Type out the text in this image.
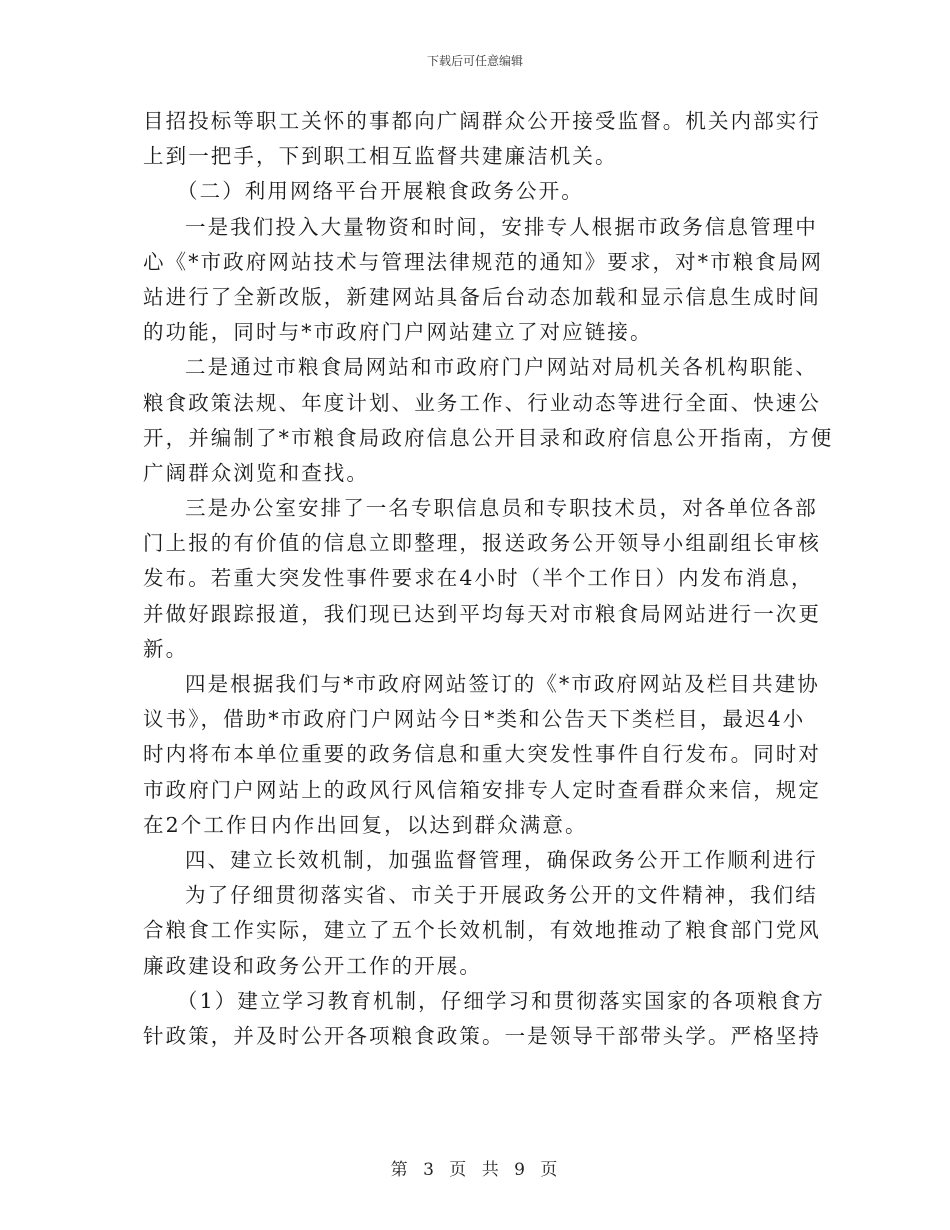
下载后可任意编辑
目招投标等职工关怀的事都向广阔群众公开接受监督。机关内部实行
上到一把手，下到职工相互监督共建廉洁机关。
（二）利用网络平台开展粮食政务公开。
一是我们投入大量物资和时间，安排专人根据市政务信息管理中
心《*市政府网站技术与管理法律规范的通知》要求，对*市粮食局网
站进行了全新改版，新建网站具备后台动态加载和显示信息生成时间
的功能，同时与*市政府门户网站建立了对应链接。
二是通过市粮食局网站和市政府门户网站对局机关各机构职能、
粮食政策法规、年度计划、业务工作、行业动态等进行全面、快速公
开，并编制了*市粮食局政府信息公开目录和政府信息公开指南，方便
广阔群众浏览和查找。
三是办公室安排了一名专职信息员和专职技术员，对各单位各部
门上报的有价值的信息立即整理，报送政务公开领导小组副组长审核
发布。若重大突发性事件要求在4小时（半个工作日）内发布消息，
并做好跟踪报道，我们现已达到平均每天对市粮食局网站进行一次更
新。
四是根据我们与*市政府网站签订的《*市政府网站及栏目共建协
议书》，借助*市政府门户网站今日*类和公告天下类栏目，最迟4小
时内将布本单位重要的政务信息和重大突发性事件自行发布。同时对
市政府门户网站上的政风行风信箱安排专人定时查看群众来信，规定
在2个工作日内作出回复，以达到群众满意。
四、建立长效机制，加强监督管理，确保政务公开工作顺利进行
为了仔细贯彻落实省、市关于开展政务公开的文件精神，我们结
合粮食工作实际，建立了五个长效机制，有效地推动了粮食部门党风
廉政建设和政务公开工作的开展。
（1）建立学习教育机制，仔细学习和贯彻落实国家的各项粮食方
针政策，并及时公开各项粮食政策。一是领导干部带头学。严格坚持
第 3 页 共 9 页
